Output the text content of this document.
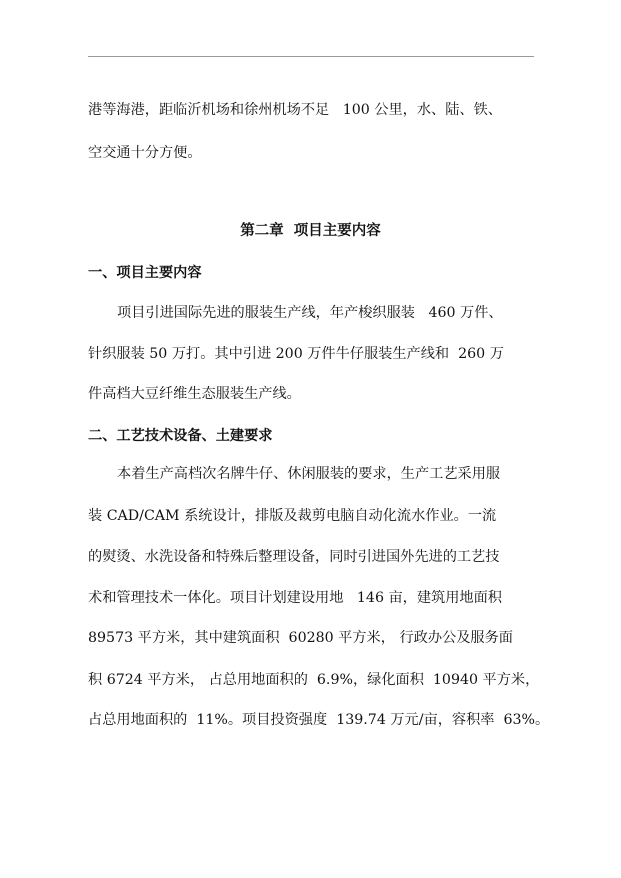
港等海港，距临沂机场和徐州机场不足   100 公里，水、陆、铁、
空交通十分方便。
第二章  项目主要内容
一、项目主要内容
项目引进国际先进的服装生产线，年产梭织服装   460 万件、
针织服装 50 万打。其中引进 200 万件牛仔服装生产线和  260 万
件高档大豆纤维生态服装生产线。
二、工艺技术设备、土建要求
本着生产高档次名牌牛仔、休闲服装的要求，生产工艺采用服
装 CAD/CAM 系统设计，排版及裁剪电脑自动化流水作业。一流
的熨烫、水洗设备和特殊后整理设备，同时引进国外先进的工艺技
术和管理技术一体化。项目计划建设用地   146 亩，建筑用地面积
89573 平方米，其中建筑面积  60280 平方米， 行政办公及服务面
积 6724 平方米， 占总用地面积的  6.9%，绿化面积  10940 平方米，
占总用地面积的  11%。项目投资强度  139.74 万元/亩，容积率  63%。
